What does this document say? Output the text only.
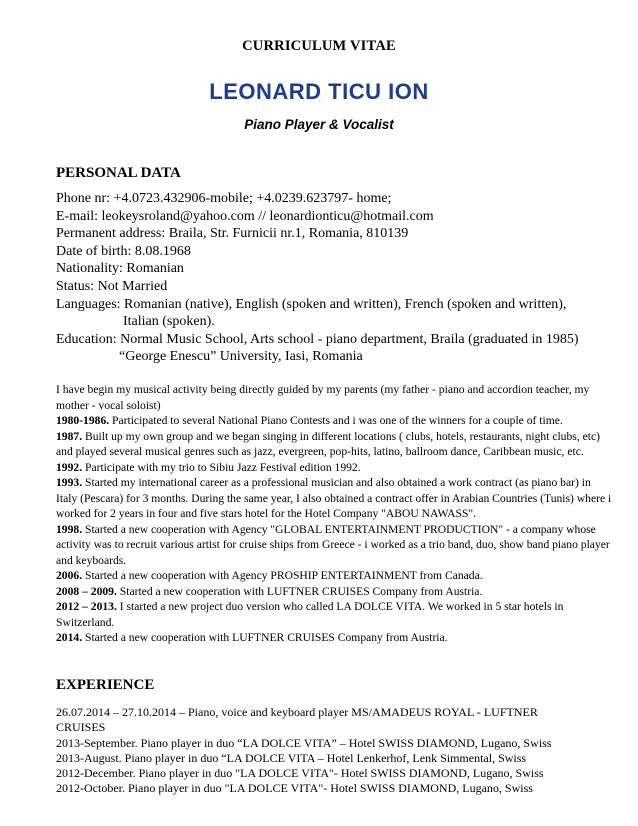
CURRICULUM VITAE
LEONARD TICU ION
Piano Player & Vocalist
PERSONAL DATA
Phone nr: +4.0723.432906-mobile; +4.0239.623797- home;
E-mail: leokeysroland@yahoo.com // leonardionticu@hotmail.com
Permanent address: Braila, Str. Furnicii nr.1, Romania, 810139
Date of birth: 8.08.1968
Nationality: Romanian
Status: Not Married
Languages: Romanian (native), English (spoken and written), French (spoken and written),
Italian (spoken).
Education: Normal Music School, Arts school - piano department, Braila (graduated in 1985)
“George Enescu” University, Iasi, Romania

I have begin my musical activity being directly guided by my parents (my father - piano and accordion teacher, my mother - vocal soloist)

1980-1986. Participated to several National Piano Contests and i was one of the winners for a couple of time.

1987. Built up my own group and we began singing in different locations ( clubs, hotels, restaurants, night clubs, etc) and played several musical genres such as jazz, evergreen, pop-hits, latino, ballroom dance, Caribbean music, etc.

1992. Participate with my trio to Sibiu Jazz Festival edition 1992.

1993. Started my international career as a professional musician and also obtained a work contract (as piano bar) in Italy (Pescara) for 3 months. During the same year, I also obtained a contract offer in Arabian Countries (Tunis) where i worked for 2 years in four and five stars hotel for the Hotel Company "ABOU NAWASS".

1998. Started a new cooperation with Agency "GLOBAL ENTERTAINMENT PRODUCTION" - a company whose activity was to recruit various artist for cruise ships from Greece - i worked as a trio band, duo, show band piano player and keyboards.

2006. Started a new cooperation with Agency PROSHIP ENTERTAINMENT from Canada.

2008 – 2009. Started a new cooperation with LUFTNER CRUISES Company from Austria.

2012 – 2013. I started a new project duo version who called LA DOLCE VITA. We worked in 5 star hotels in Switzerland.

2014. Started a new cooperation with LUFTNER CRUISES Company from Austria.

EXPERIENCE
26.07.2014 – 27.10.2014 – Piano, voice and keyboard player MS/AMADEUS ROYAL - LUFTNER
CRUISES
2013-September. Piano player in duo “LA DOLCE VITA” – Hotel SWISS DIAMOND, Lugano, Swiss
2013-August. Piano player in duo “LA DOLCE VITA – Hotel Lenkerhof, Lenk Simmental, Swiss
2012-December. Piano player in duo "LA DOLCE VITA"- Hotel SWISS DIAMOND, Lugano, Swiss
2012-October. Piano player in duo "LA DOLCE VITA"- Hotel SWISS DIAMOND, Lugano, Swiss
